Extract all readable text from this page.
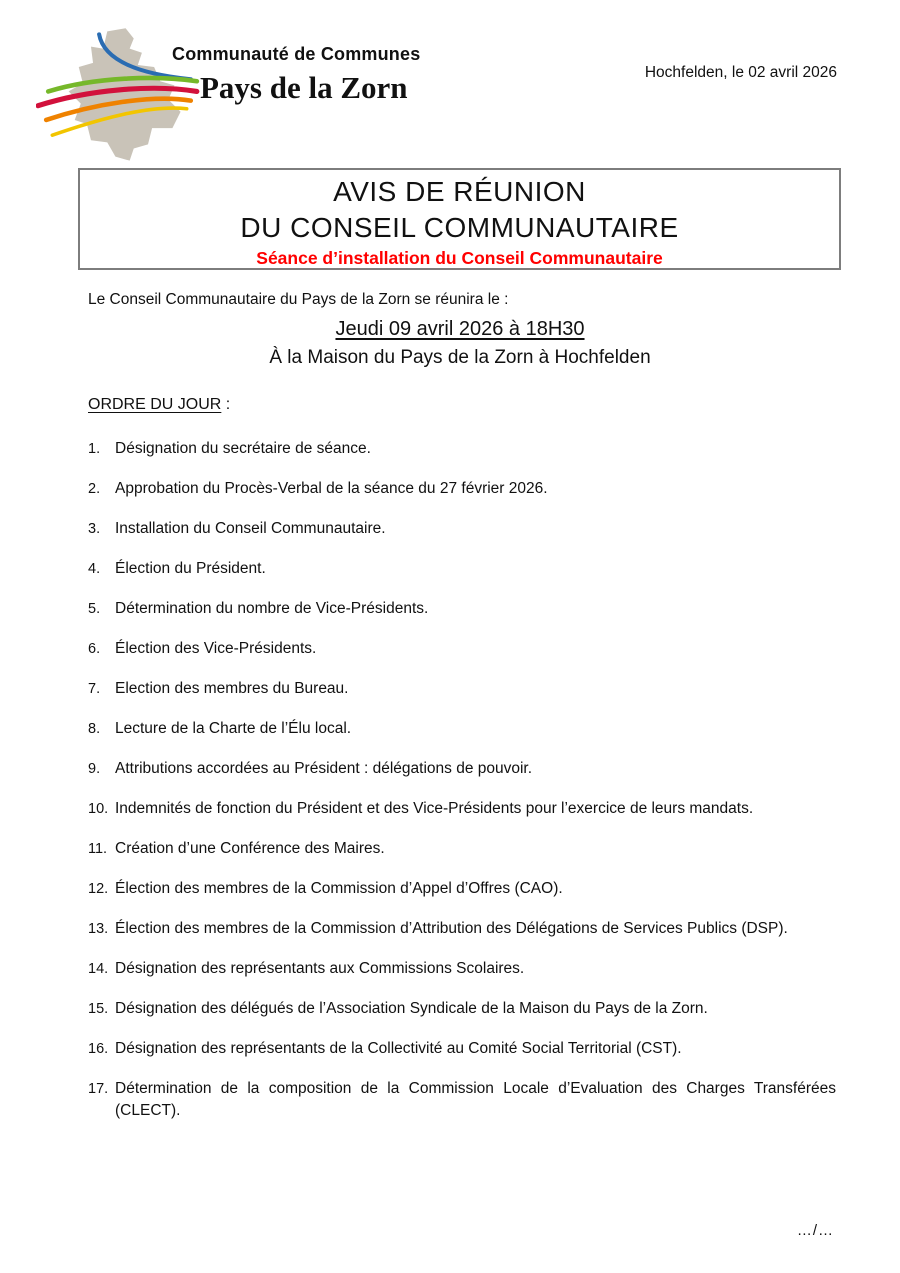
Communauté de Communes
Pays de la Zorn	Hochfelden, le 02 avril 2026
AVIS DE RÉUNION
DU CONSEIL COMMUNAUTAIRE
Séance d’installation du Conseil Communautaire
Le Conseil Communautaire du Pays de la Zorn se réunira le :
Jeudi 09 avril 2026 à 18H30
À la Maison du Pays de la Zorn à Hochfelden
ORDRE DU JOUR :
1. Désignation du secrétaire de séance.
2. Approbation du Procès-Verbal de la séance du 27 février 2026.
3. Installation du Conseil Communautaire.
4. Élection du Président.
5. Détermination du nombre de Vice-Présidents.
6. Élection des Vice-Présidents.
7. Election des membres du Bureau.
8. Lecture de la Charte de l’Élu local.
9. Attributions accordées au Président : délégations de pouvoir.
10. Indemnités de fonction du Président et des Vice-Présidents pour l’exercice de leurs mandats.
11. Création d’une Conférence des Maires.
12. Élection des membres de la Commission d’Appel d’Offres (CAO).
13. Élection des membres de la Commission d’Attribution des Délégations de Services Publics (DSP).
14. Désignation des représentants aux Commissions Scolaires.
15. Désignation des délégués de l’Association Syndicale de la Maison du Pays de la Zorn.
16. Désignation des représentants de la Collectivité au Comité Social Territorial (CST).
17. Détermination de la composition de la Commission Locale d’Evaluation des Charges Transférées (CLECT).
…/…
